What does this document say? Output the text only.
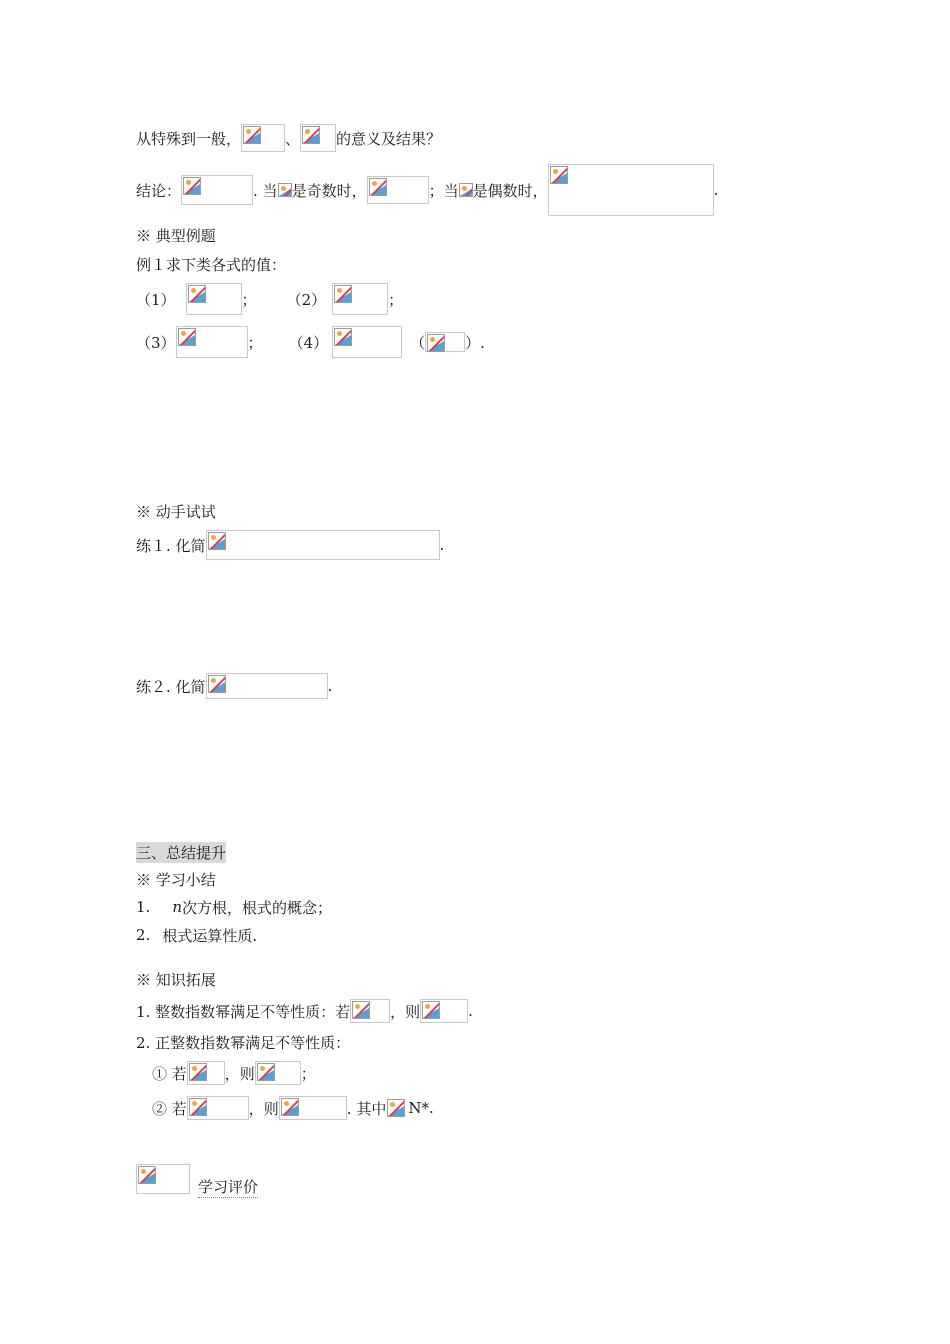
从特殊到一般，	、 的意义及结果？
结论：	. 当 是奇数时，	；当 是偶数时，	.
※ 典型例题
例１求下类各式的值：
（1）	； （2）	；
（3）	； （4）	（	）.
※ 动手试试
练１. 化简	.
练２. 化简	.
三、总结提升
※ 学习小结
1. n 次方根，根式的概念；
2. 根式运算性质.
※ 知识拓展
1. 整数指数幂满足不等性质：若	，则	.
2. 正整数指数幂满足不等性质：
① 若	，则	；
② 若	，则	. 其中 N*.
学习评价
